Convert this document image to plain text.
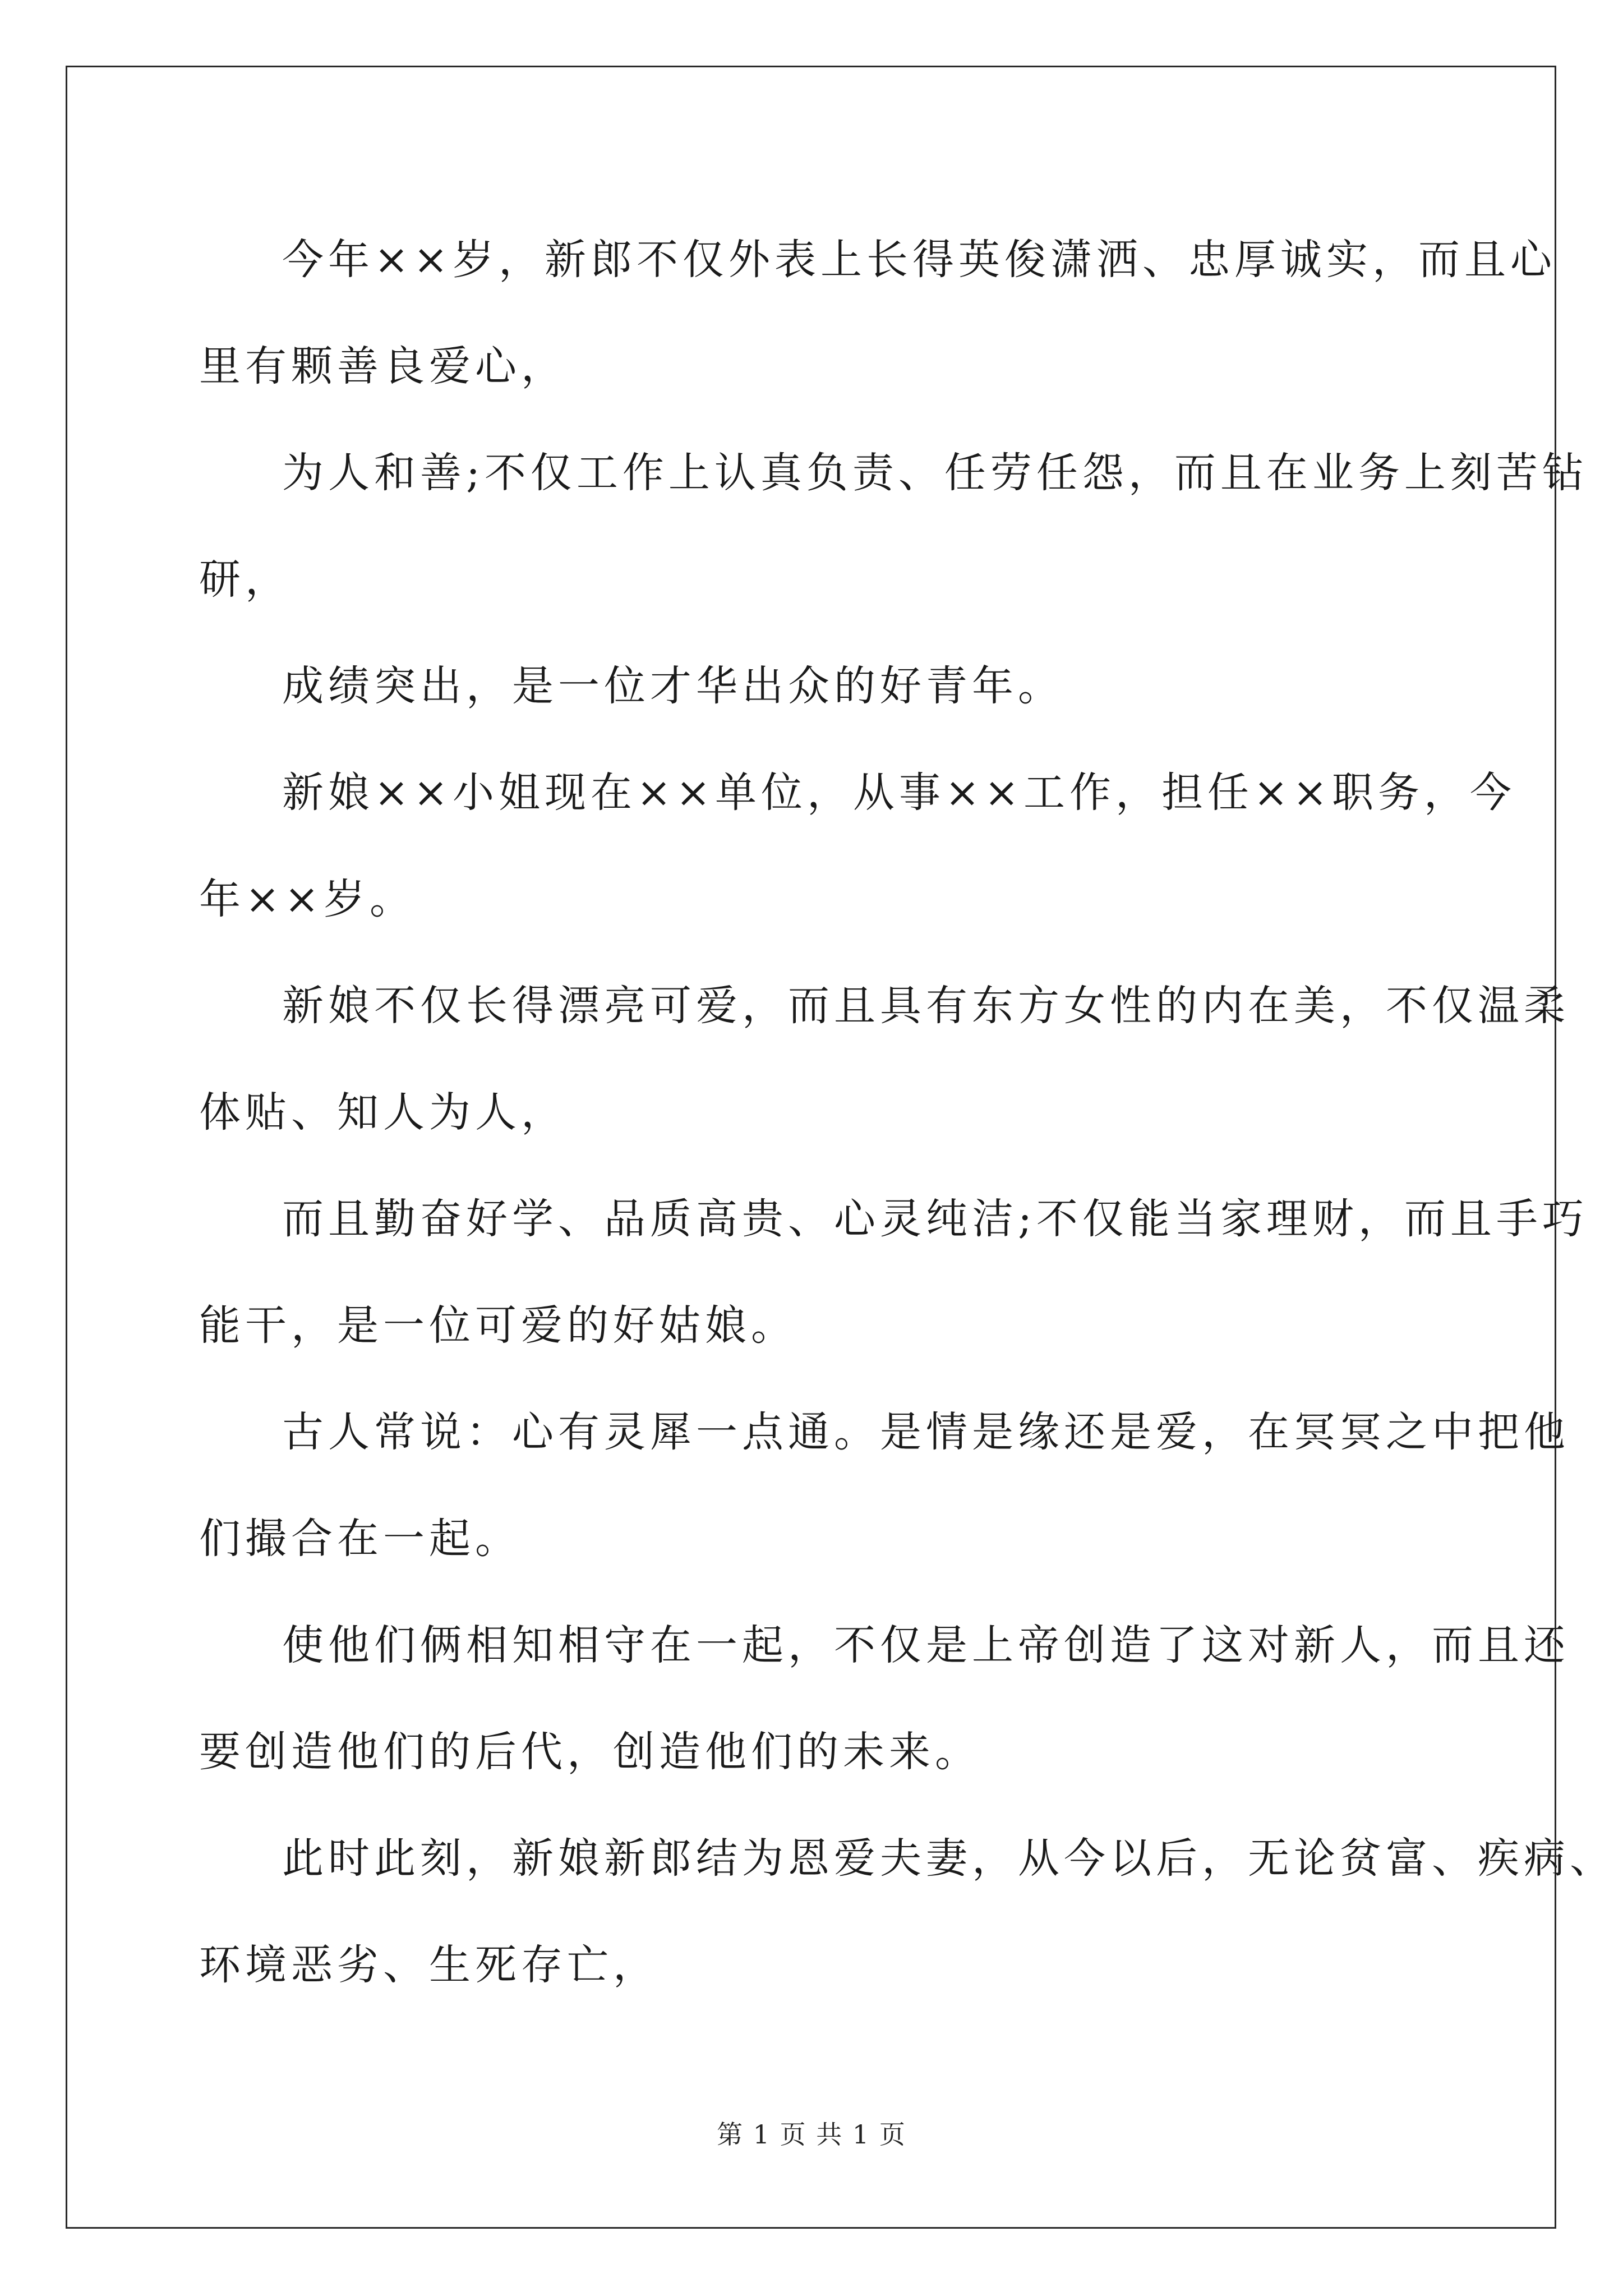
今年××岁，新郎不仅外表上长得英俊潇洒、忠厚诚实，而且心
里有颗善良爱心，
为人和善;不仅工作上认真负责、任劳任怨，而且在业务上刻苦钻
研，
成绩突出，是一位才华出众的好青年。
新娘××小姐现在××单位，从事××工作，担任××职务，今
年××岁。
新娘不仅长得漂亮可爱，而且具有东方女性的内在美，不仅温柔
体贴、知人为人，
而且勤奋好学、品质高贵、心灵纯洁;不仅能当家理财，而且手巧
能干，是一位可爱的好姑娘。
古人常说：心有灵犀一点通。是情是缘还是爱，在冥冥之中把他
们撮合在一起。
使他们俩相知相守在一起，不仅是上帝创造了这对新人，而且还
要创造他们的后代，创造他们的未来。
此时此刻，新娘新郎结为恩爱夫妻，从今以后，无论贫富、疾病、
环境恶劣、生死存亡，
第 1 页 共 1 页
